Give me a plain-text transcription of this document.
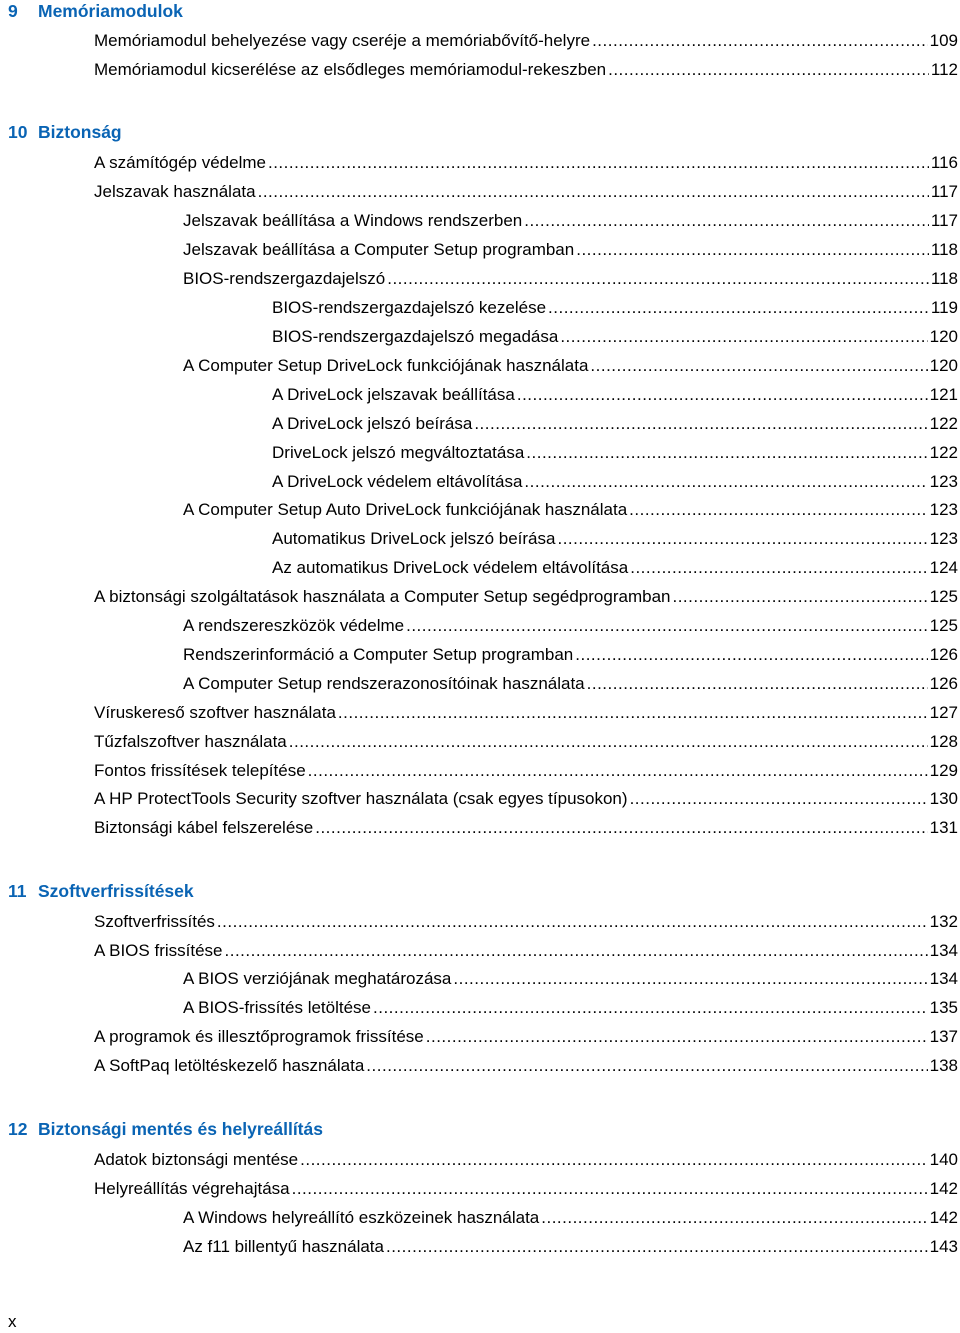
9 Memóriamodulok
Memóriamodul behelyezése vagy cseréje a memóriabővítő-helyre .....	109
Memóriamodul kicserélése az elsődleges memóriamodul-rekeszben .....	112
10 Biztonság
A számítógép védelme .....	116
Jelszavak használata .....	117
Jelszavak beállítása a Windows rendszerben .....	117
Jelszavak beállítása a Computer Setup programban .....	118
BIOS-rendszergazdajelszó .....	118
BIOS-rendszergazdajelszó kezelése .....	119
BIOS-rendszergazdajelszó megadása .....	120
A Computer Setup DriveLock funkciójának használata .....	120
A DriveLock jelszavak beállítása .....	121
A DriveLock jelszó beírása .....	122
DriveLock jelszó megváltoztatása .....	122
A DriveLock védelem eltávolítása .....	123
A Computer Setup Auto DriveLock funkciójának használata .....	123
Automatikus DriveLock jelszó beírása .....	123
Az automatikus DriveLock védelem eltávolítása .....	124
A biztonsági szolgáltatások használata a Computer Setup segédprogramban .....	125
A rendszereszközök védelme .....	125
Rendszerinformáció a Computer Setup programban .....	126
A Computer Setup rendszerazonosítóinak használata .....	126
Víruskereső szoftver használata .....	127
Tűzfalszoftver használata .....	128
Fontos frissítések telepítése .....	129
A HP ProtectTools Security szoftver használata (csak egyes típusokon) .....	130
Biztonsági kábel felszerelése .....	131
11 Szoftverfrissítések
Szoftverfrissítés .....	132
A BIOS frissítése .....	134
A BIOS verziójának meghatározása .....	134
A BIOS-frissítés letöltése .....	135
A programok és illesztőprogramok frissítése .....	137
A SoftPaq letöltéskezelő használata .....	138
12 Biztonsági mentés és helyreállítás
Adatok biztonsági mentése .....	140
Helyreállítás végrehajtása .....	142
A Windows helyreállító eszközeinek használata .....	142
Az f11 billentyű használata .....	143
x
